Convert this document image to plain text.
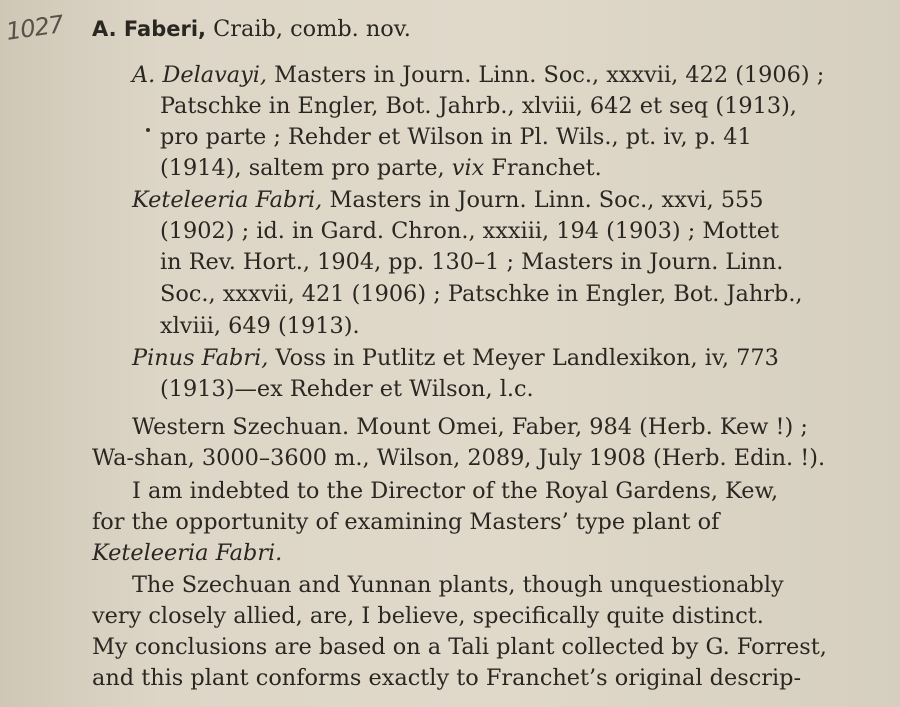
1027 A. Faberi, Craib, comb. nov.
A. Delavayi, Masters in Journ. Linn. Soc., xxxvii, 422 (1906) ;
Patschke in Engler, Bot. Jahrb., xlviii, 642 et seq (1913),
pro parte ; Rehder et Wilson in Pl. Wils., pt. iv, p. 41
(1914), saltem pro parte, vix Franchet.
Keteleeria Fabri, Masters in Journ. Linn. Soc., xxvi, 555
(1902) ; id. in Gard. Chron., xxxiii, 194 (1903) ; Mottet
in Rev. Hort., 1904, pp. 130–1 ; Masters in Journ. Linn.
Soc., xxxvii, 421 (1906) ; Patschke in Engler, Bot. Jahrb.,
xlviii, 649 (1913).
Pinus Fabri, Voss in Putlitz et Meyer Landlexikon, iv, 773
(1913)—ex Rehder et Wilson, l.c.
Western Szechuan. Mount Omei, Faber, 984 (Herb. Kew !) ;
Wa-shan, 3000–3600 m., Wilson, 2089, July 1908 (Herb. Edin. !).
I am indebted to the Director of the Royal Gardens, Kew,
for the opportunity of examining Masters’ type plant of
Keteleeria Fabri.
The Szechuan and Yunnan plants, though unquestionably
very closely allied, are, I believe, specifically quite distinct.
My conclusions are based on a Tali plant collected by G. Forrest,
and this plant conforms exactly to Franchet’s original descrip-
